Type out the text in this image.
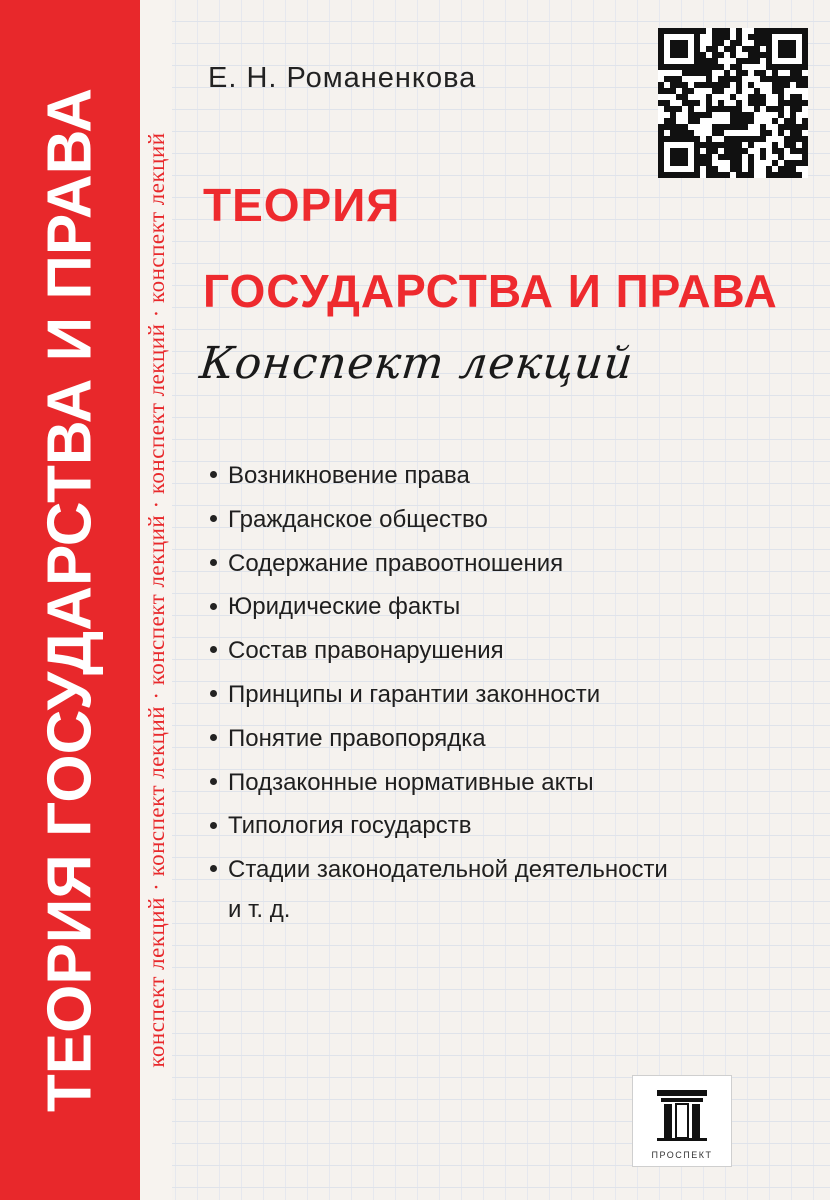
ТЕОРИЯ ГОСУДАРСТВА И ПРАВА конспект лекций · конспект лекций · конспект лекций · конспект лекций · конспект лекций
Е. Н. Романенкова
ТЕОРИЯ
ГОСУДАРСТВА И ПРАВА
Конспект лекций
Возникновение права
Гражданское общество
Содержание правоотношения
Юридические факты
Состав правонарушения
Принципы и гарантии законности
Понятие правопорядка
Подзаконные нормативные акты
Типология государств
Стадии законодательной деятельности
и т. д.
ПРОСПЕКТ
